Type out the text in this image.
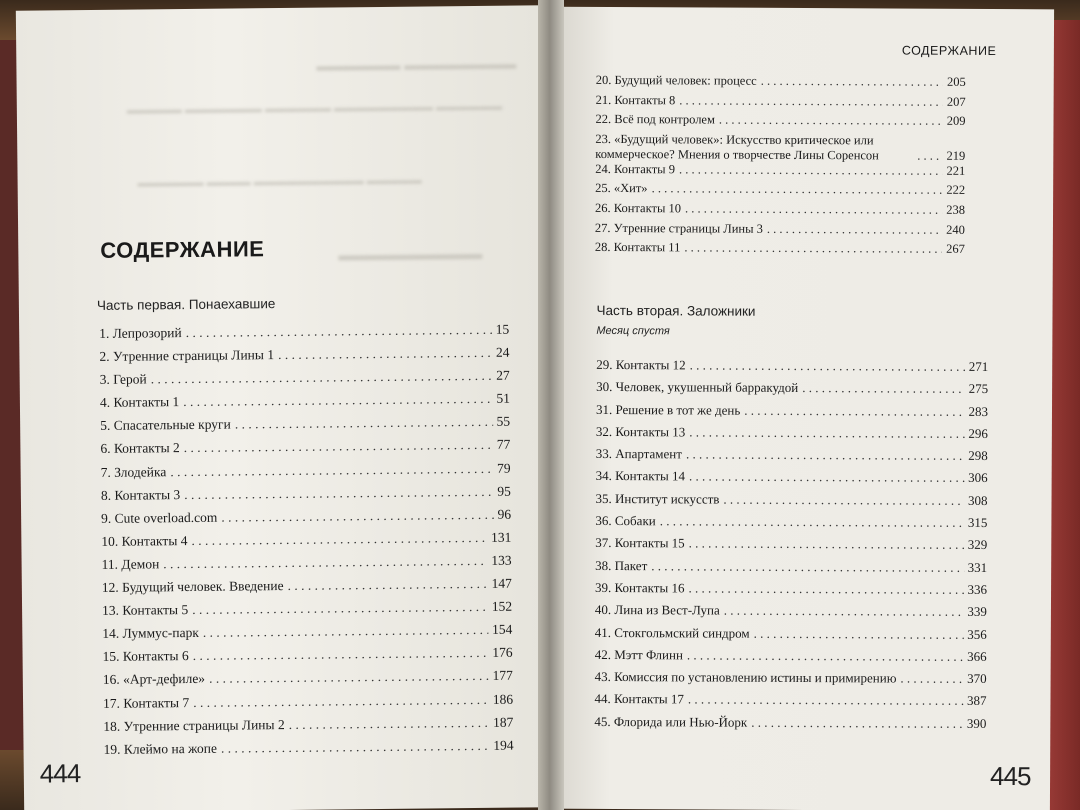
▬▬▬▬▬▬ ▬▬▬▬▬▬▬▬
▬▬▬▬▬ ▬▬▬▬▬▬▬ ▬▬▬▬▬▬ ▬▬▬▬▬▬▬▬▬ ▬▬▬▬▬▬
▬▬▬▬▬▬ ▬▬▬▬ ▬▬▬▬▬▬▬▬▬▬ ▬▬▬▬▬
▬▬▬▬▬▬▬▬▬
СОДЕРЖАНИЕ
Часть первая. Понаехавшие
1. Лепрозорий . . .	15
2. Утренние страницы Лины 1 . . .	24
3. Герой . . .	27
4. Контакты 1 . . .	51
5. Спасательные круги . . .	55
6. Контакты 2 . . .	77
7. Злодейка . . .	79
8. Контакты 3 . . .	95
9. Cute overload.com . . .	96
10. Контакты 4 . . .	131
11. Демон . . .	133
12. Будущий человек. Введение . . .	147
13. Контакты 5 . . .	152
14. Луммус-парк . . .	154
15. Контакты 6 . . .	176
16. «Арт-дефиле» . . .	177
17. Контакты 7 . . .	186
18. Утренние страницы Лины 2 . . .	187
19. Клеймо на жопе . . .	194
444
СОДЕРЖАНИЕ
20. Будущий человек: процесс . . .	205
21. Контакты 8 . . .	207
22. Всё под контролем . . .	209
23. «Будущий человек»: Искусство критическое или коммерческое? Мнения о творчестве Лины Соренсон . . .	219
24. Контакты 9 . . .	221
25. «Хит» . . .	222
26. Контакты 10 . . .	238
27. Утренние страницы Лины 3 . . .	240
28. Контакты 11 . . .	267
Часть вторая. Заложники
Месяц спустя
29. Контакты 12 . . .	271
30. Человек, укушенный барракудой . . .	275
31. Решение в тот же день . . .	283
32. Контакты 13 . . .	296
33. Апартамент . . .	298
34. Контакты 14 . . .	306
35. Институт искусств . . .	308
36. Собаки . . .	315
37. Контакты 15 . . .	329
38. Пакет . . .	331
39. Контакты 16 . . .	336
40. Лина из Вест-Лупа . . .	339
41. Стокгольмский синдром . . .	356
42. Мэтт Флинн . . .	366
43. Комиссия по установлению истины и примирению . . .	370
44. Контакты 17 . . .	387
45. Флорида или Нью-Йорк . . .	390
445
